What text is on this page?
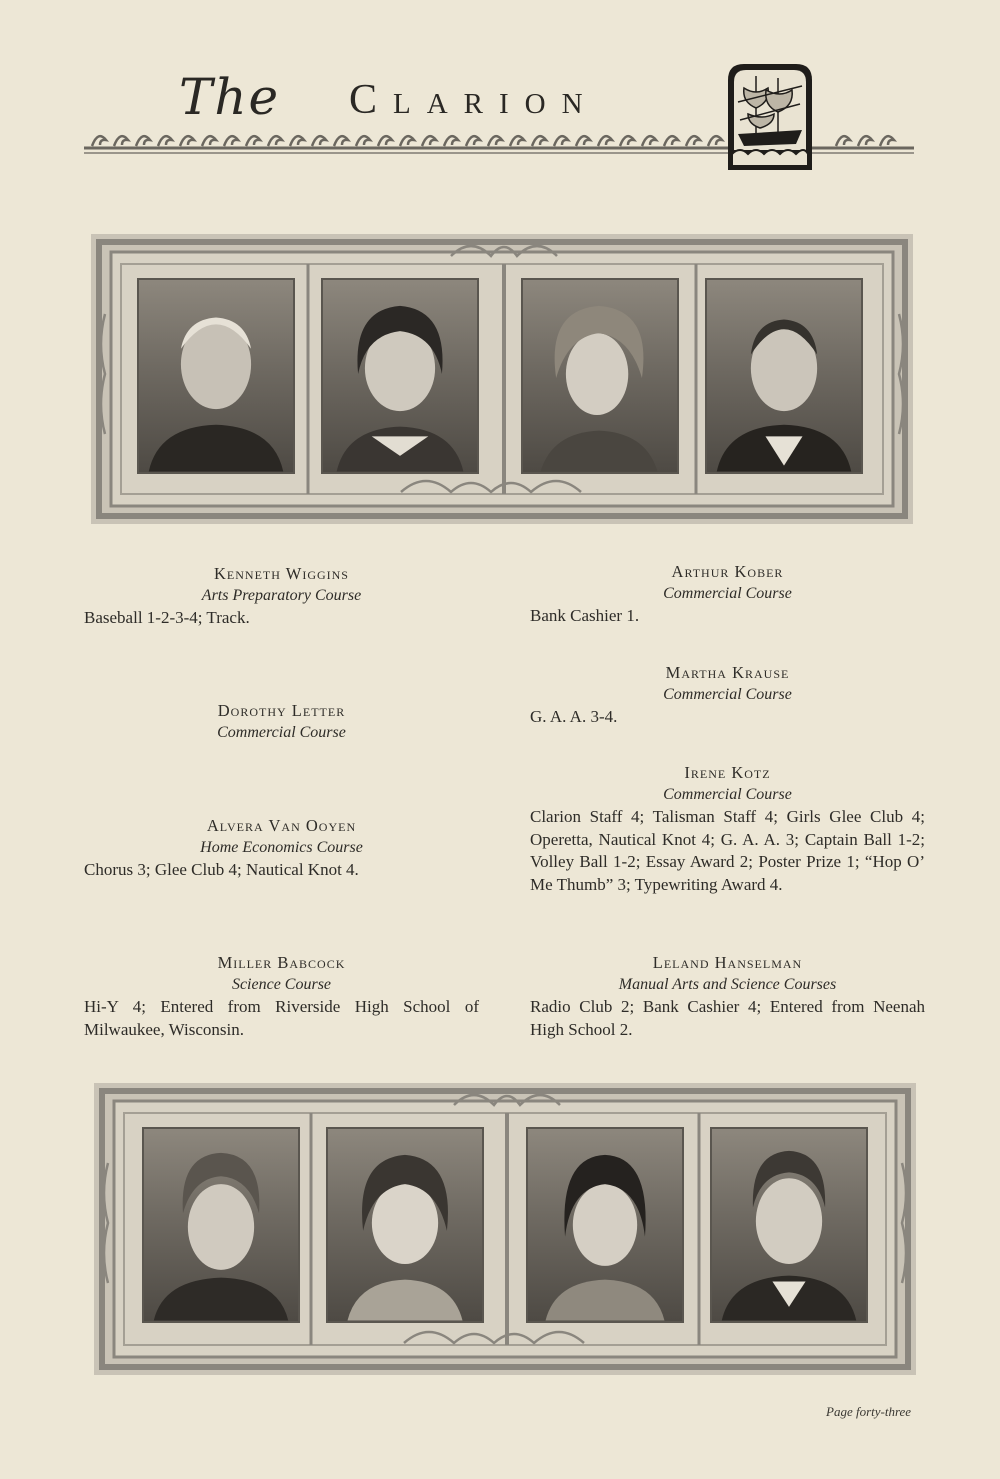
The Clarion
Kenneth Wiggins
Arts Preparatory Course
Baseball 1-2-3-4; Track.
Dorothy Letter
Commercial Course
Alvera Van Ooyen
Home Economics Course
Chorus 3; Glee Club 4; Nautical Knot 4.
Miller Babcock
Science Course
Hi-Y 4; Entered from Riverside High School of Milwaukee, Wisconsin.
Arthur Kober
Commercial Course
Bank Cashier 1.
Martha Krause
Commercial Course
G. A. A. 3-4.
Irene Kotz
Commercial Course
Clarion Staff 4; Talisman Staff 4; Girls Glee Club 4; Operetta, Nautical Knot 4; G. A. A. 3; Captain Ball 1-2; Volley Ball 1-2; Essay Award 2; Poster Prize 1; “Hop O’ Me Thumb” 3; Typewriting Award 4.
Leland Hanselman
Manual Arts and Science Courses
Radio Club 2; Bank Cashier 4; Entered from Neenah High School 2.
Page forty-three
